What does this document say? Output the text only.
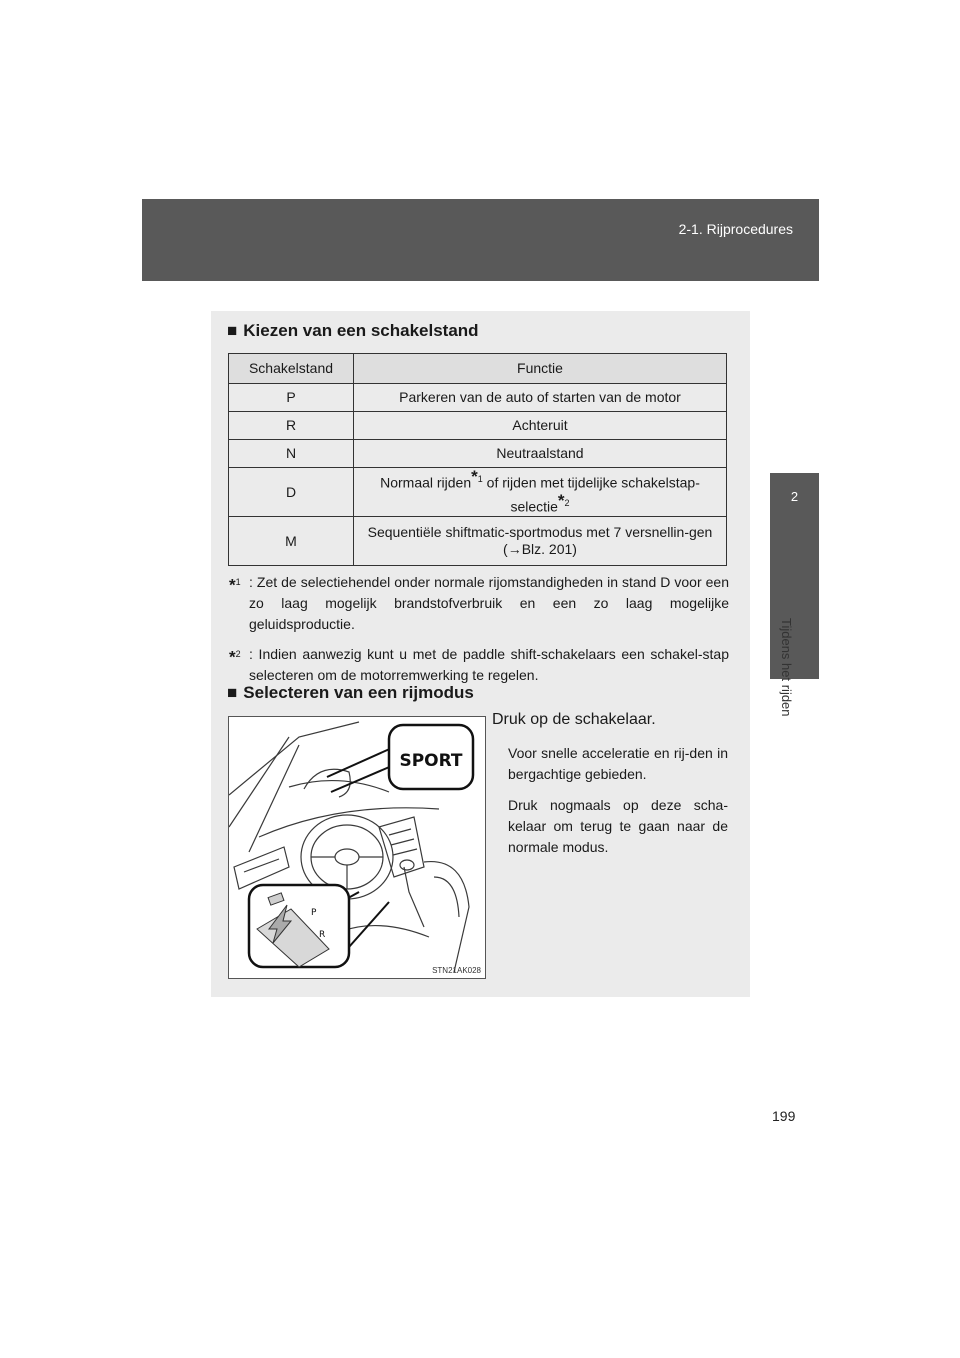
2-1. Rijprocedures
2
Tijdens het rijden
■ Kiezen van een schakelstand
Schakelstand	Functie
P	Parkeren van de auto of starten van de motor
R	Achteruit
N	Neutraalstand
D	Normaal rijden$^{*1}$ of rijden met tijdelijke schakelstap-selectie$^{*2}$
M	Sequentiële shiftmatic-sportmodus met 7 versnellin-gen (→Blz. 201)
*$^1$ : Zet de selectiehendel onder normale rijomstandigheden in stand D voor een zo laag mogelijk brandstofverbruik en een zo laag mogelijke geluidsproductie.
*$^2$ : Indien aanwezig kunt u met de paddle shift-schakelaars een schakel-stap selecteren om de motorremwerking te regelen.
■ Selecteren van een rijmodus
SPORT
P
R
STN21AK028

Druk op de schakelaar.

Voor snelle acceleratie en rij-den in bergachtige gebieden.

Druk nogmaals op deze scha-kelaar om terug te gaan naar de normale modus.

199
